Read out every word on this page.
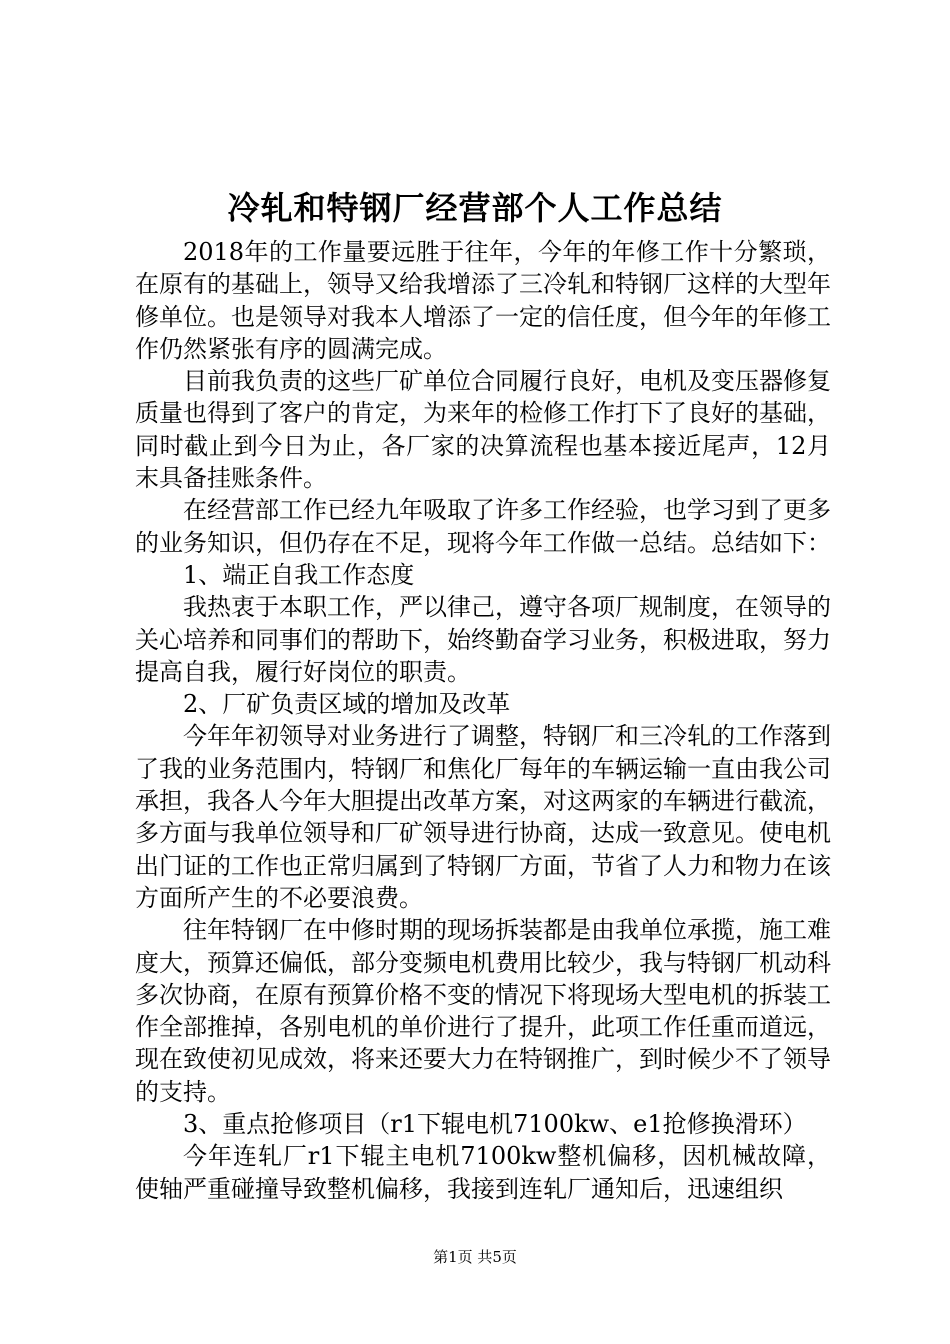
冷轧和特钢厂经营部个人工作总结

2018年的工作量要远胜于往年，今年的年修工作十分繁琐，在原有的基础上，领导又给我增添了三冷轧和特钢厂这样的大型年修单位。也是领导对我本人增添了一定的信任度，但今年的年修工作仍然紧张有序的圆满完成。

目前我负责的这些厂矿单位合同履行良好，电机及变压器修复质量也得到了客户的肯定，为来年的检修工作打下了良好的基础，同时截止到今日为止，各厂家的决算流程也基本接近尾声，12月末具备挂账条件。

在经营部工作已经九年吸取了许多工作经验，也学习到了更多的业务知识，但仍存在不足，现将今年工作做一总结。总结如下：

1、端正自我工作态度

我热衷于本职工作，严以律己，遵守各项厂规制度，在领导的关心培养和同事们的帮助下，始终勤奋学习业务，积极进取，努力提高自我，履行好岗位的职责。

2、厂矿负责区域的增加及改革

今年年初领导对业务进行了调整，特钢厂和三冷轧的工作落到了我的业务范围内，特钢厂和焦化厂每年的车辆运输一直由我公司承担，我各人今年大胆提出改革方案，对这两家的车辆进行截流，多方面与我单位领导和厂矿领导进行协商，达成一致意见。使电机出门证的工作也正常归属到了特钢厂方面，节省了人力和物力在该方面所产生的不必要浪费。

往年特钢厂在中修时期的现场拆装都是由我单位承揽，施工难度大，预算还偏低，部分变频电机费用比较少，我与特钢厂机动科多次协商，在原有预算价格不变的情况下将现场大型电机的拆装工作全部推掉，各别电机的单价进行了提升，此项工作任重而道远，现在致使初见成效，将来还要大力在特钢推广，到时候少不了领导的支持。

3、重点抢修项目（r1下辊电机7100kw、e1抢修换滑环）

今年连轧厂r1下辊主电机7100kw整机偏移，因机械故障，使轴严重碰撞导致整机偏移，我接到连轧厂通知后，迅速组织

第1页 共5页
